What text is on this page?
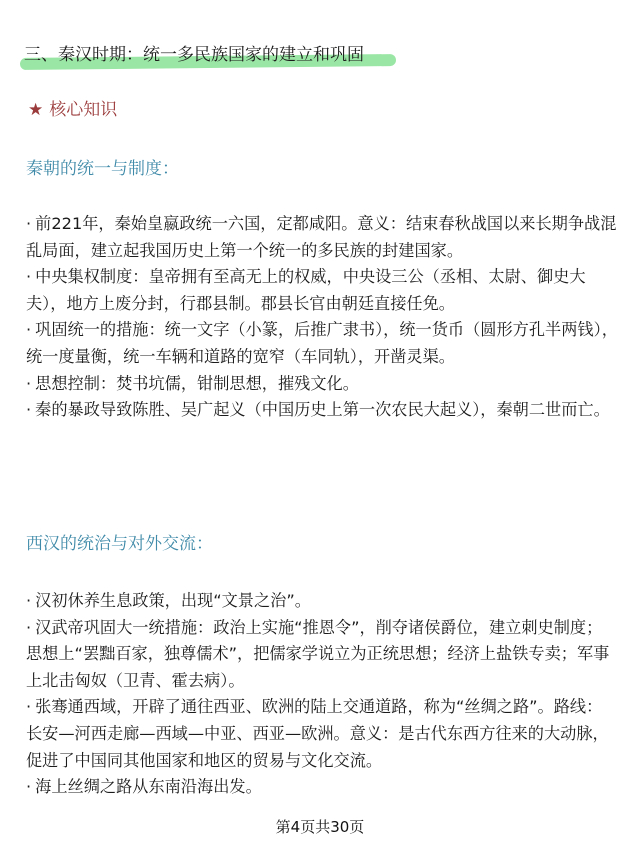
三、秦汉时期：统一多民族国家的建立和巩固
★ 核心知识
秦朝的统一与制度：
· 前221年，秦始皇嬴政统一六国，定都咸阳。意义：结束春秋战国以来长期争战混乱局面，建立起我国历史上第一个统一的多民族的封建国家。
· 中央集权制度：皇帝拥有至高无上的权威，中央设三公（丞相、太尉、御史大夫），地方上废分封，行郡县制。郡县长官由朝廷直接任免。
· 巩固统一的措施：统一文字（小篆，后推广隶书），统一货币（圆形方孔半两钱），统一度量衡，统一车辆和道路的宽窄（车同轨），开凿灵渠。
· 思想控制：焚书坑儒，钳制思想，摧残文化。
· 秦的暴政导致陈胜、吴广起义（中国历史上第一次农民大起义），秦朝二世而亡。
西汉的统治与对外交流：
· 汉初休养生息政策，出现“文景之治”。
· 汉武帝巩固大一统措施：政治上实施“推恩令”，削夺诸侯爵位，建立刺史制度；思想上“罢黜百家，独尊儒术”，把儒家学说立为正统思想；经济上盐铁专卖；军事上北击匈奴（卫青、霍去病）。
· 张骞通西域，开辟了通往西亚、欧洲的陆上交通道路，称为“丝绸之路”。路线：长安—河西走廊—西域—中亚、西亚—欧洲。意义：是古代东西方往来的大动脉，促进了中国同其他国家和地区的贸易与文化交流。
· 海上丝绸之路从东南沿海出发。
第4页共30页
